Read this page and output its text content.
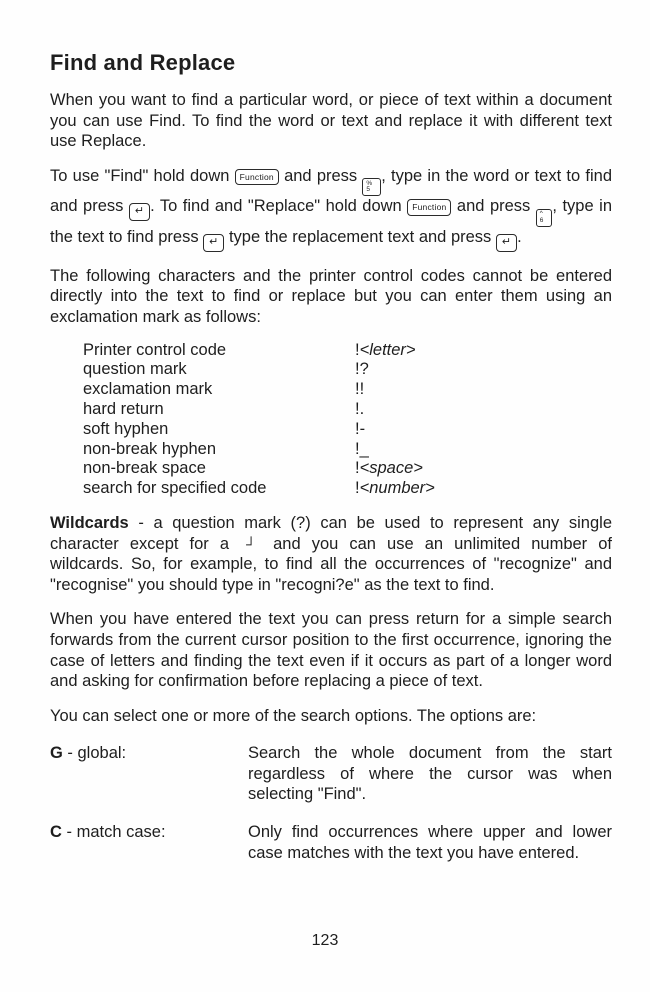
Find and Replace

When you want to find a particular word, or piece of text within a document you can use Find. To find the word or text and replace it with different text use Replace.

To use "Find" hold down Function and press %
5
, type in the word or text to find and press ↵ . To find and "Replace" hold down Function and press ^
6
, type in the text to find press ↵ type the replacement text and press ↵ .

The following characters and the printer control codes cannot be entered directly into the text to find or replace but you can enter them using an exclamation mark as follows:

Printer control code	!<letter>
question mark	!?
exclamation mark	!!
hard return	!.
soft hyphen	!-
non-break hyphen	!_
non-break space	!<space>
search for specified code	!<number>

Wildcards - a question mark (?) can be used to represent any single character except for a ┘ and you can use an unlimited number of wildcards. So, for example, to find all the occurrences of "recognize" and "recognise" you should type in "recogni?e" as the text to find.

When you have entered the text you can press return for a simple search forwards from the current cursor position to the first occurrence, ignoring the case of letters and finding the text even if it occurs as part of a longer word and asking for confirmation before replacing a piece of text.

You can select one or more of the search options. The options are:

G - global:	Search the whole document from the start regardless of where the cursor was when selecting "Find".
C - match case:	Only find occurrences where upper and lower case matches with the text you have entered.
123
